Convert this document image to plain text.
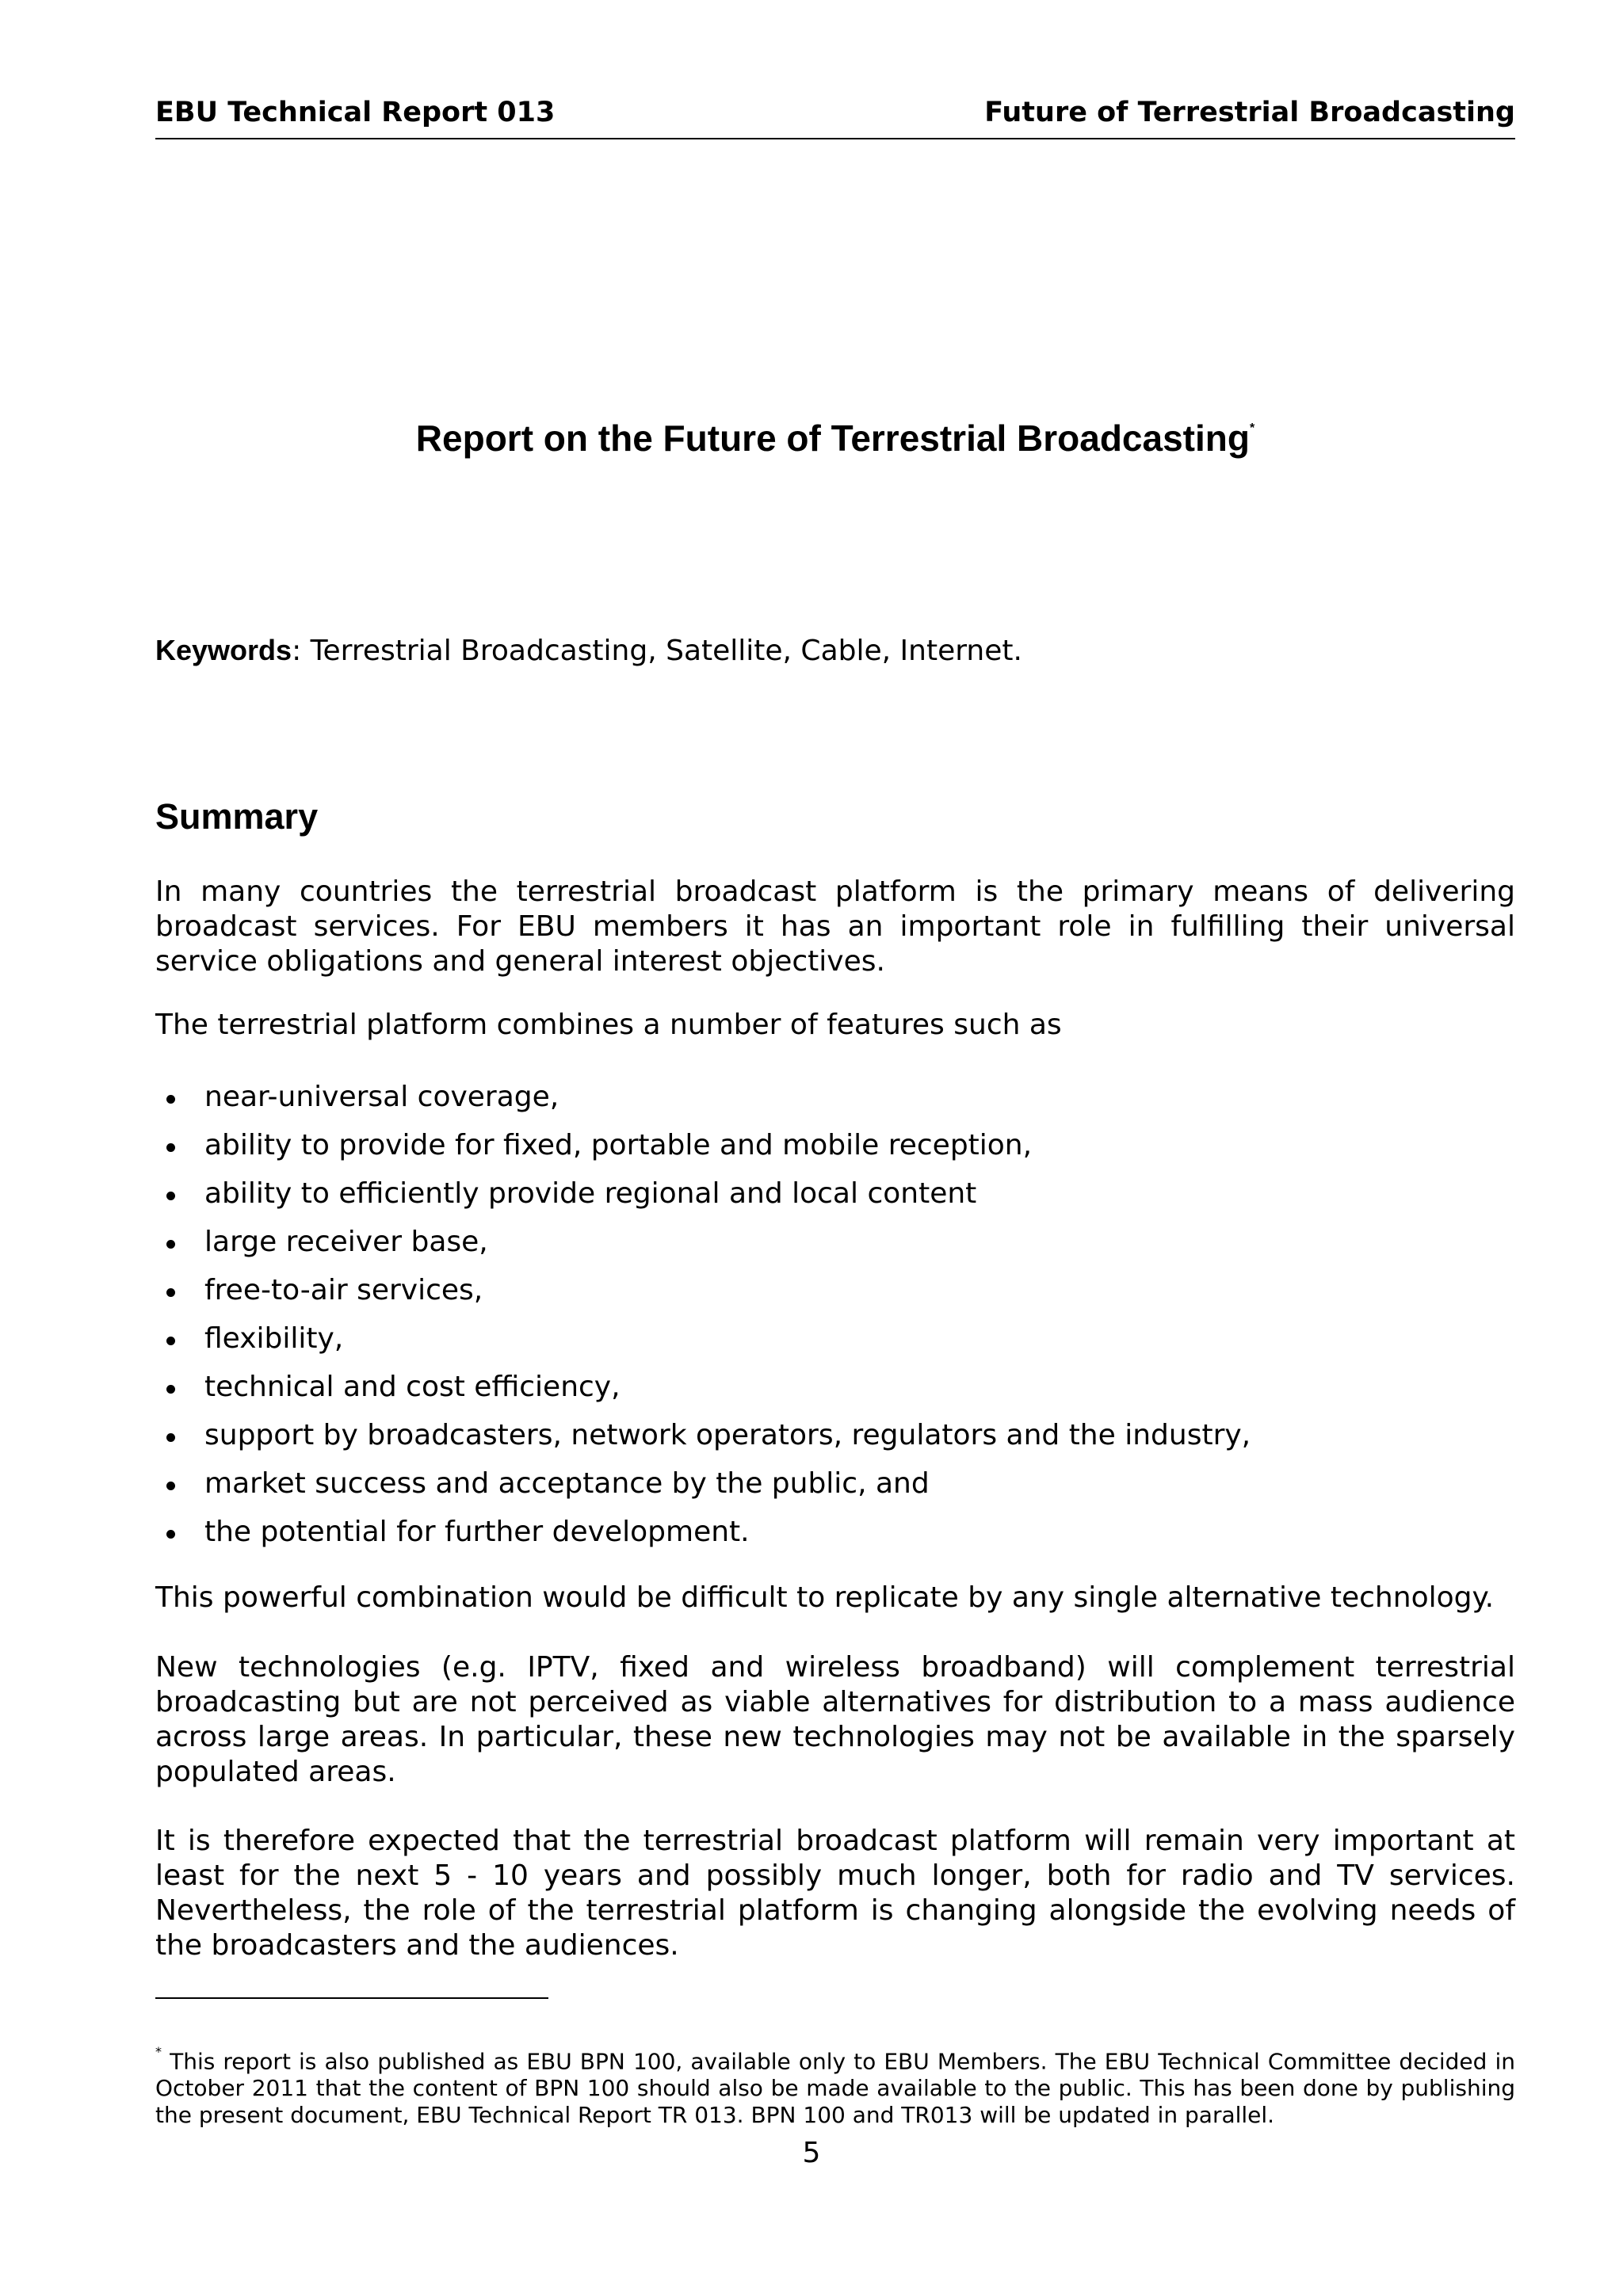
EBU Technical Report 013	Future of Terrestrial Broadcasting
Report on the Future of Terrestrial Broadcasting*
Keywords: Terrestrial Broadcasting, Satellite, Cable, Internet.
Summary
In many countries the terrestrial broadcast platform is the primary means of delivering broadcast services. For EBU members it has an important role in fulfilling their universal service obligations and general interest objectives.
The terrestrial platform combines a number of features such as
near-universal coverage,
ability to provide for fixed, portable and mobile reception,
ability to efficiently provide regional and local content
large receiver base,
free-to-air services,
flexibility,
technical and cost efficiency,
support by broadcasters, network operators, regulators and the industry,
market success and acceptance by the public, and
the potential for further development.
This powerful combination would be difficult to replicate by any single alternative technology.
New technologies (e.g. IPTV, fixed and wireless broadband) will complement terrestrial broadcasting but are not perceived as viable alternatives for distribution to a mass audience across large areas. In particular, these new technologies may not be available in the sparsely populated areas.
It is therefore expected that the terrestrial broadcast platform will remain very important at least for the next 5 - 10 years and possibly much longer, both for radio and TV services. Nevertheless, the role of the terrestrial platform is changing alongside the evolving needs of the broadcasters and the audiences.
* This report is also published as EBU BPN 100, available only to EBU Members. The EBU Technical Committee decided in October 2011 that the content of BPN 100 should also be made available to the public. This has been done by publishing the present document, EBU Technical Report TR 013. BPN 100 and TR013 will be updated in parallel.
5
